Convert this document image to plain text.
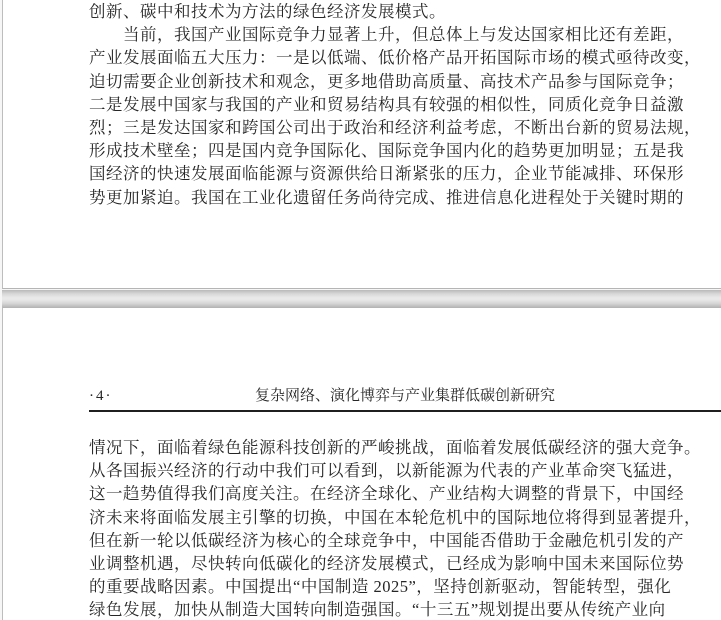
创新、碳中和技术为方法的绿色经济发展模式。
当前，我国产业国际竞争力显著上升，但总体上与发达国家相比还有差距，
产业发展面临五大压力：一是以低端、低价格产品开拓国际市场的模式亟待改变，
迫切需要企业创新技术和观念，更多地借助高质量、高技术产品参与国际竞争；
二是发展中国家与我国的产业和贸易结构具有较强的相似性，同质化竞争日益激
烈；三是发达国家和跨国公司出于政治和经济利益考虑，不断出台新的贸易法规，
形成技术壁垒；四是国内竞争国际化、国际竞争国内化的趋势更加明显；五是我
国经济的快速发展面临能源与资源供给日渐紧张的压力，企业节能减排、环保形
势更加紧迫。我国在工业化遗留任务尚待完成、推进信息化进程处于关键时期的
·4·	复杂网络、演化博弈与产业集群低碳创新研究
情况下，面临着绿色能源科技创新的严峻挑战，面临着发展低碳经济的强大竞争。
从各国振兴经济的行动中我们可以看到，以新能源为代表的产业革命突飞猛进，
这一趋势值得我们高度关注。在经济全球化、产业结构大调整的背景下，中国经
济未来将面临发展主引擎的切换，中国在本轮危机中的国际地位将得到显著提升，
但在新一轮以低碳经济为核心的全球竞争中，中国能否借助于金融危机引发的产
业调整机遇，尽快转向低碳化的经济发展模式，已经成为影响中国未来国际位势
的重要战略因素。中国提出“中国制造 2025”，坚持创新驱动，智能转型，强化
绿色发展，加快从制造大国转向制造强国。“十三五”规划提出要从传统产业向
